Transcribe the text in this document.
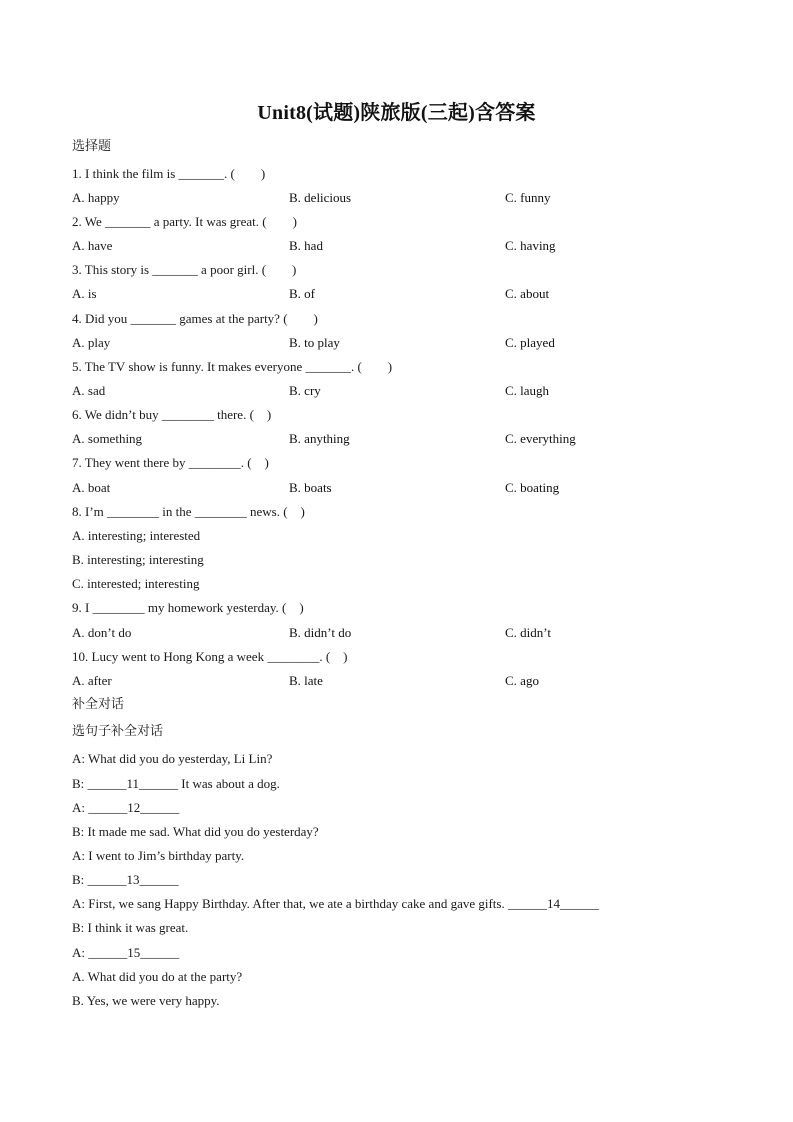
Unit8(试题)陕旅版(三起)含答案
选择题
1. I think the film is _______. (        )
A. happy	B. delicious	C. funny
2. We _______ a party. It was great. (        )
A. have	B. had	C. having
3. This story is _______ a poor girl. (        )
A. is	B. of	C. about
4. Did you _______ games at the party? (        )
A. play	B. to play	C. played
5. The TV show is funny. It makes everyone _______. (        )
A. sad	B. cry	C. laugh
6. We didn’t buy ________ there. (    )
A. something	B. anything	C. everything
7. They went there by ________. (    )
A. boat	B. boats	C. boating
8. I’m ________ in the ________ news. (    )
A. interesting; interested
B. interesting; interesting
C. interested; interesting
9. I ________ my homework yesterday. (    )
A. don’t do	B. didn’t do	C. didn’t
10. Lucy went to Hong Kong a week ________. (    )
A. after	B. late	C. ago
补全对话
选句子补全对话
A: What did you do yesterday, Li Lin?
B: ______11______ It was about a dog.
A: ______12______
B: It made me sad. What did you do yesterday?
A: I went to Jim’s birthday party.
B: ______13______
A: First, we sang Happy Birthday. After that, we ate a birthday cake and gave gifts. ______14______
B: I think it was great.
A: ______15______
A. What did you do at the party?
B. Yes, we were very happy.
